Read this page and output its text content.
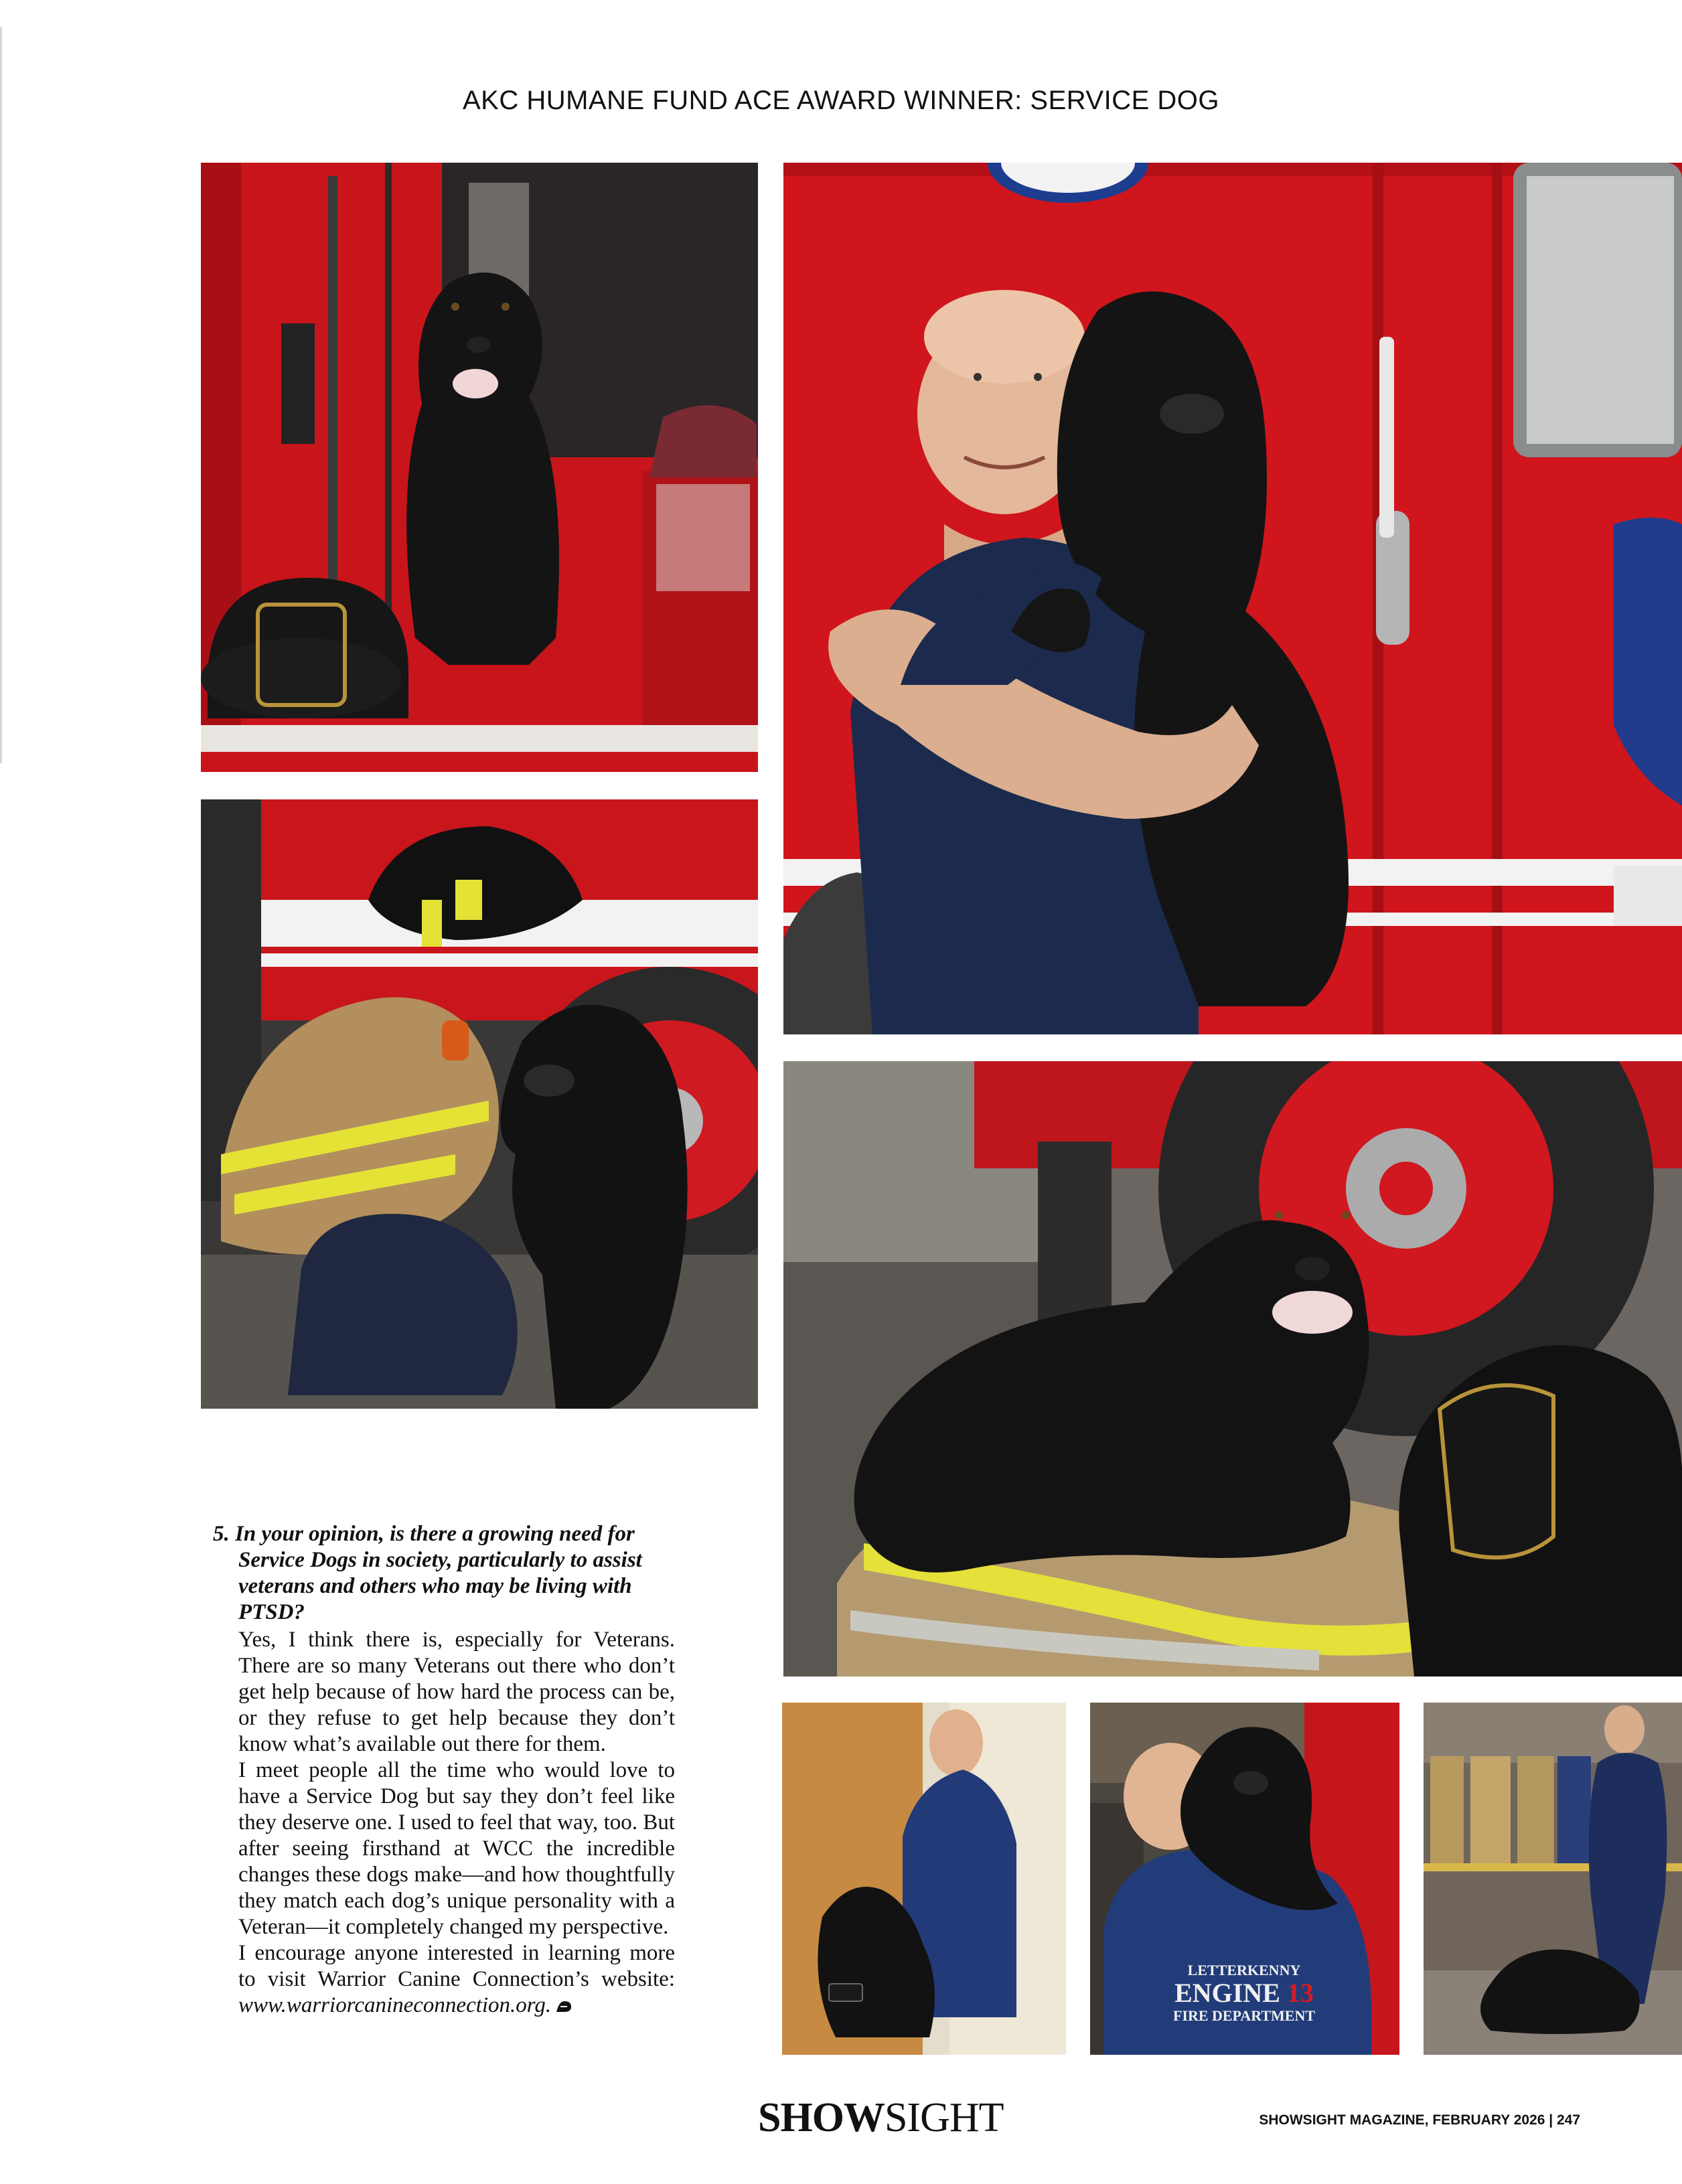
AKC HUMANE FUND ACE AWARD WINNER: SERVICE DOG
LETTERKENNY
ENGINE 13
FIRE DEPARTMENT

5. In your opinion, is there a growing need for Service Dogs in society, particularly to assist veterans and others who may be living with PTSD?

Yes, I think there is, especially for Veterans. There are so many Veterans out there who don’t get help because of how hard the process can be, or they refuse to get help because they don’t know what’s available out there for them.

I meet people all the time who would love to have a Service Dog but say they don’t feel like they deserve one. I used to feel that way, too. But after seeing firsthand at WCC the incredible changes these dogs make—and how thoughtfully they match each dog’s unique personality with a Veteran—it completely changed my perspective.

I encourage anyone interested in learning more to visit Warrior Canine Connection’s website: www.warriorcanineconnection.org.

SHOWSIGHT	SHOWSIGHT MAGAZINE, FEBRUARY 2026 | 247
